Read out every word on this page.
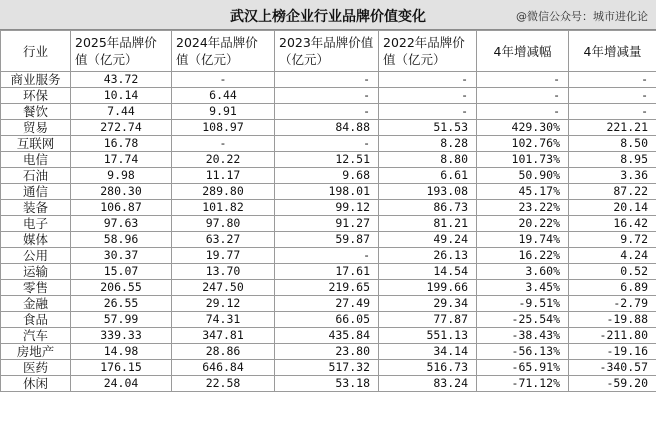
武汉上榜企业行业品牌价值变化	@微信公众号：城市进化论
行业	2025年品牌价值（亿元）	2024年品牌价值（亿元）	2023年品牌价值（亿元）	2022年品牌价值（亿元）	4年增减幅	4年增减量
商业服务	43.72	-	-	-	-	-
环保	10.14	6.44	-	-	-	-
餐饮	7.44	9.91	-	-	-	-
贸易	272.74	108.97	84.88	51.53	429.30%	221.21
互联网	16.78	-	-	8.28	102.76%	8.50
电信	17.74	20.22	12.51	8.80	101.73%	8.95
石油	9.98	11.17	9.68	6.61	50.90%	3.36
通信	280.30	289.80	198.01	193.08	45.17%	87.22
装备	106.87	101.82	99.12	86.73	23.22%	20.14
电子	97.63	97.80	91.27	81.21	20.22%	16.42
媒体	58.96	63.27	59.87	49.24	19.74%	9.72
公用	30.37	19.77	-	26.13	16.22%	4.24
运输	15.07	13.70	17.61	14.54	3.60%	0.52
零售	206.55	247.50	219.65	199.66	3.45%	6.89
金融	26.55	29.12	27.49	29.34	-9.51%	-2.79
食品	57.99	74.31	66.05	77.87	-25.54%	-19.88
汽车	339.33	347.81	435.84	551.13	-38.43%	-211.80
房地产	14.98	28.86	23.80	34.14	-56.13%	-19.16
医药	176.15	646.84	517.32	516.73	-65.91%	-340.57
休闲	24.04	22.58	53.18	83.24	-71.12%	-59.20
